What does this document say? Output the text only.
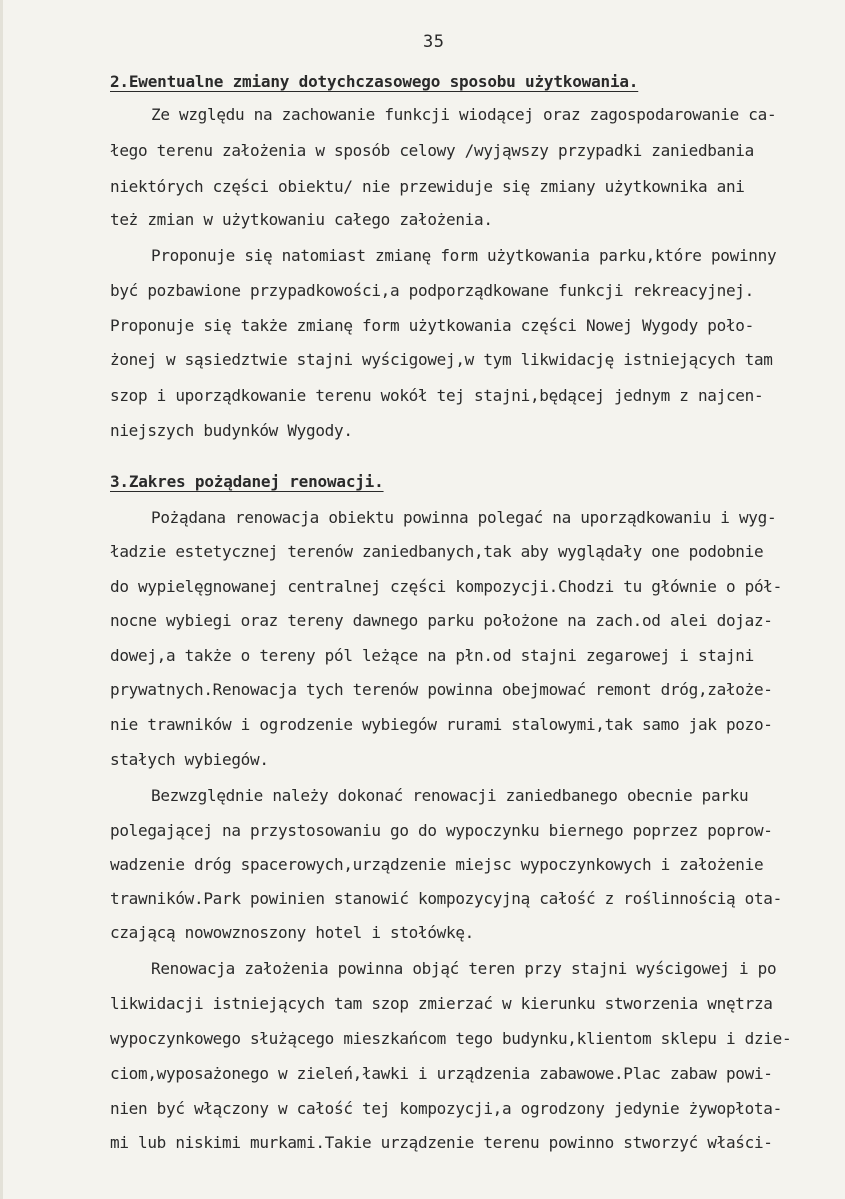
35
2.Ewentualne zmiany dotychczasowego sposobu użytkowania.
Ze względu na zachowanie funkcji wiodącej oraz zagospodarowanie ca-
łego terenu założenia w sposób celowy /wyjąwszy przypadki zaniedbania
niektórych części obiektu/ nie przewiduje się zmiany użytkownika ani
też zmian w użytkowaniu całego założenia.
Proponuje się natomiast zmianę form użytkowania parku,które powinny
być pozbawione przypadkowości,a podporządkowane funkcji rekreacyjnej.
Proponuje się także zmianę form użytkowania części Nowej Wygody poło-
żonej w sąsiedztwie stajni wyścigowej,w tym likwidację istniejących tam
szop i uporządkowanie terenu wokół tej stajni,będącej jednym z najcen-
niejszych budynków Wygody.
3.Zakres pożądanej renowacji.
Pożądana renowacja obiektu powinna polegać na uporządkowaniu i wyg-
ładzie estetycznej terenów zaniedbanych,tak aby wyglądały one podobnie
do wypielęgnowanej centralnej części kompozycji.Chodzi tu głównie o pół-
nocne wybiegi oraz tereny dawnego parku położone na zach.od alei dojaz-
dowej,a także o tereny pól leżące na płn.od stajni zegarowej i stajni
prywatnych.Renowacja tych terenów powinna obejmować remont dróg,założe-
nie trawników i ogrodzenie wybiegów rurami stalowymi,tak samo jak pozo-
stałych wybiegów.
Bezwzględnie należy dokonać renowacji zaniedbanego obecnie parku
polegającej na przystosowaniu go do wypoczynku biernego poprzez poprow-
wadzenie dróg spacerowych,urządzenie miejsc wypoczynkowych i założenie
trawników.Park powinien stanowić kompozycyjną całość z roślinnością ota-
czającą nowowznoszony hotel i stołówkę.
Renowacja założenia powinna objąć teren przy stajni wyścigowej i po
likwidacji istniejących tam szop zmierzać w kierunku stworzenia wnętrza
wypoczynkowego służącego mieszkańcom tego budynku,klientom sklepu i dzie-
ciom,wyposażonego w zieleń,ławki i urządzenia zabawowe.Plac zabaw powi-
nien być włączony w całość tej kompozycji,a ogrodzony jedynie żywopłota-
mi lub niskimi murkami.Takie urządzenie terenu powinno stworzyć właści-
